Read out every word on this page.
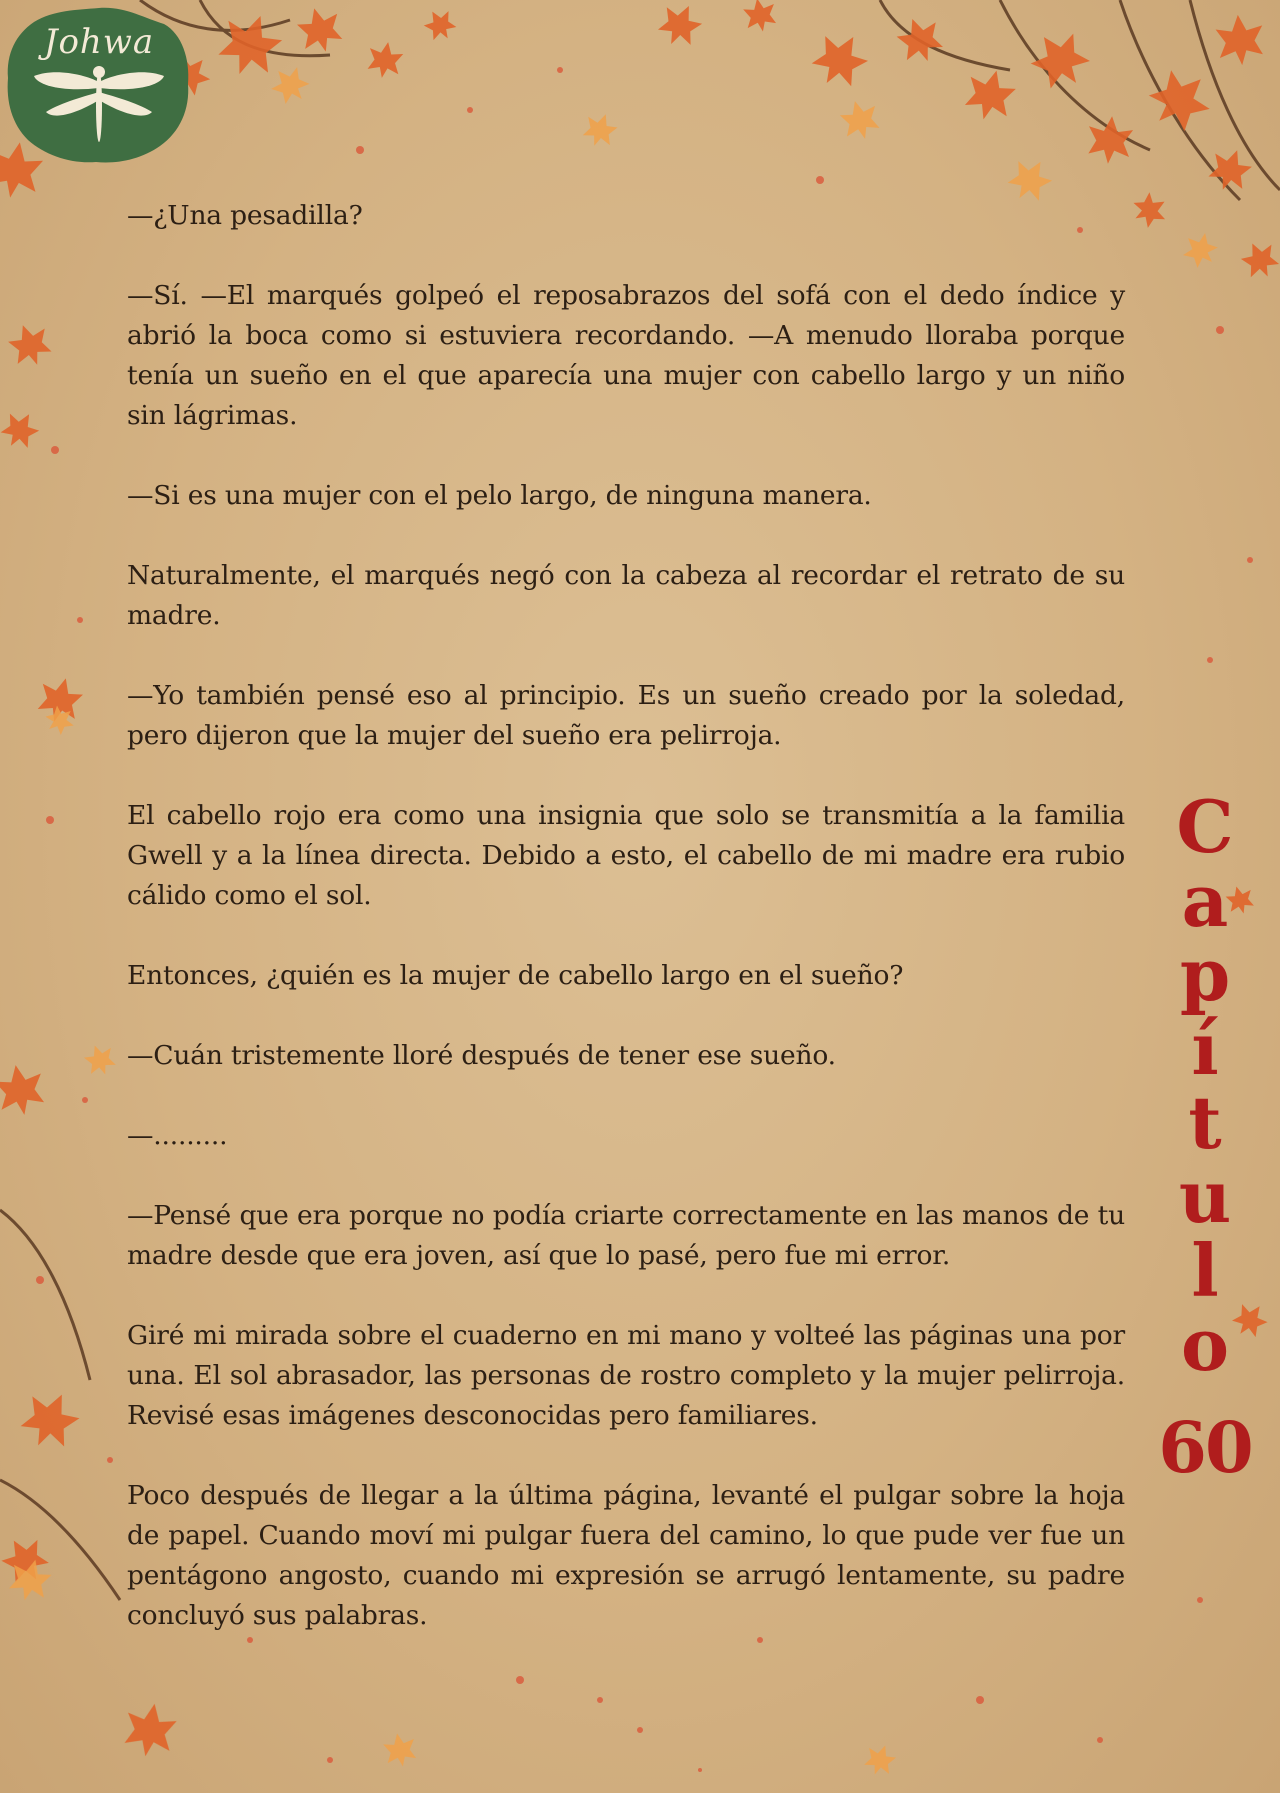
Johwa

—¿Una pesadilla?

—Sí. —El marqués golpeó el reposabrazos del sofá con el dedo índice y abrió la boca como si estuviera recordando. —A menudo lloraba porque tenía un sueño en el que aparecía una mujer con cabello largo y un niño sin lágrimas.

—Si es una mujer con el pelo largo, de ninguna manera.

Naturalmente, el marqués negó con la cabeza al recordar el retrato de su madre.

—Yo también pensé eso al principio. Es un sueño creado por la soledad, pero dijeron que la mujer del sueño era pelirroja.

El cabello rojo era como una insignia que solo se transmitía a la familia Gwell y a la línea directa. Debido a esto, el cabello de mi madre era rubio cálido como el sol.

Entonces, ¿quién es la mujer de cabello largo en el sueño?

—Cuán tristemente lloré después de tener ese sueño.

—.........

—Pensé que era porque no podía criarte correctamente en las manos de tu madre desde que era joven, así que lo pasé, pero fue mi error.

Giré mi mirada sobre el cuaderno en mi mano y volteé las páginas una por una. El sol abrasador, las personas de rostro completo y la mujer pelirroja. Revisé esas imágenes desconocidas pero familiares.

Poco después de llegar a la última página, levanté el pulgar sobre la hoja de papel. Cuando moví mi pulgar fuera del camino, lo que pude ver fue un pentágono angosto, cuando mi expresión se arrugó lentamente, su padre concluyó sus palabras.

C
a
p
í
t
u
l
o
60
